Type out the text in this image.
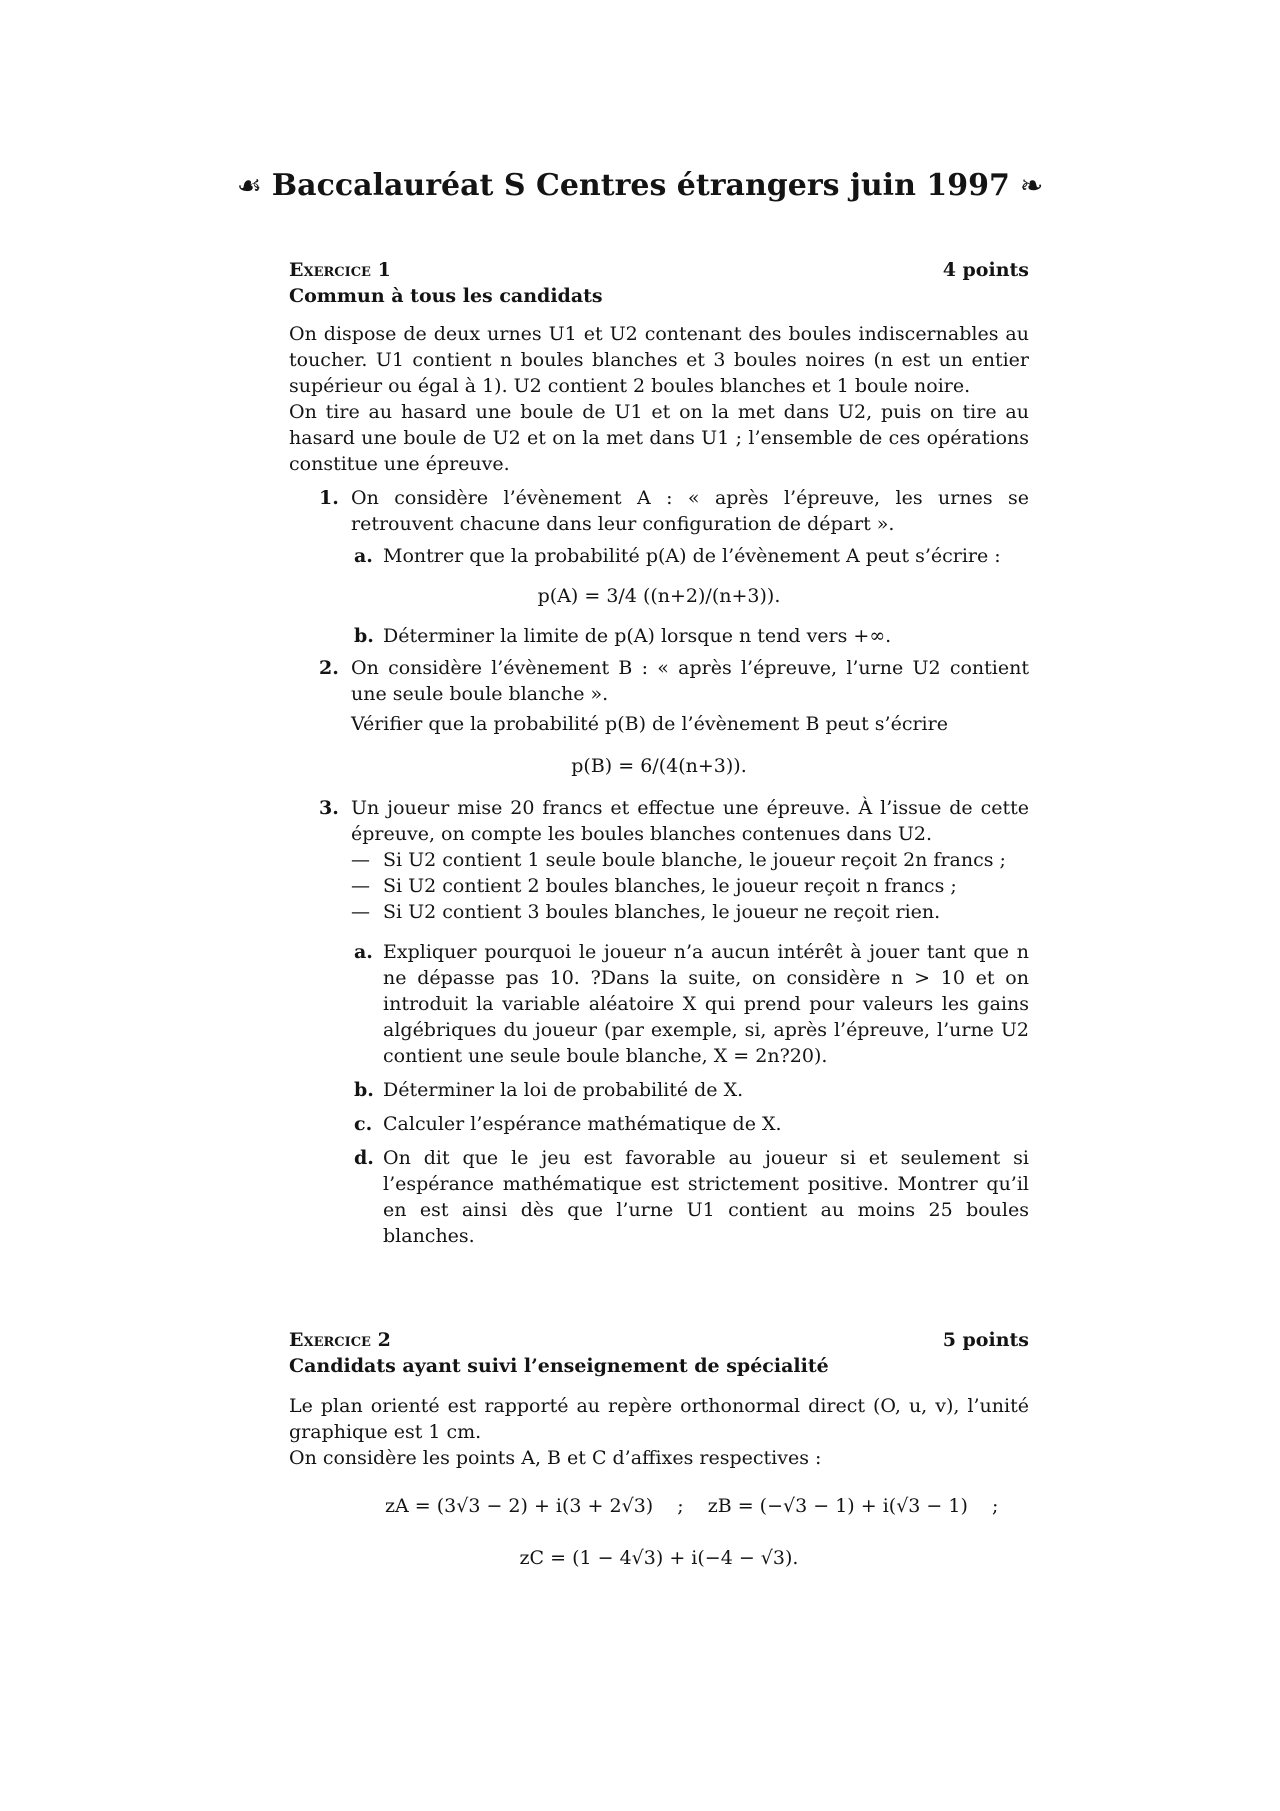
☙ Baccalauréat S Centres étrangers juin 1997 ❧
Exercice 1	4 points
Commun à tous les candidats
On dispose de deux urnes U1 et U2 contenant des boules indiscernables au toucher. U1 contient n boules blanches et 3 boules noires (n est un entier supérieur ou égal à 1). U2 contient 2 boules blanches et 1 boule noire.
On tire au hasard une boule de U1 et on la met dans U2, puis on tire au hasard une boule de U2 et on la met dans U1 ; l’ensemble de ces opérations constitue une épreuve.
1. On considère l’évènement A : « après l’épreuve, les urnes se retrouvent chacune dans leur configuration de départ ».
a. Montrer que la probabilité p(A) de l’évènement A peut s’écrire :
p(A) = 3/4 ((n+2)/(n+3)).
b. Déterminer la limite de p(A) lorsque n tend vers +∞.
2. On considère l’évènement B : « après l’épreuve, l’urne U2 contient une seule boule blanche ».
Vérifier que la probabilité p(B) de l’évènement B peut s’écrire
p(B) = 6/(4(n+3)).
3. Un joueur mise 20 francs et effectue une épreuve. À l’issue de cette épreuve, on compte les boules blanches contenues dans U2.
— Si U2 contient 1 seule boule blanche, le joueur reçoit 2n francs ;
— Si U2 contient 2 boules blanches, le joueur reçoit n francs ;
— Si U2 contient 3 boules blanches, le joueur ne reçoit rien.
a. Expliquer pourquoi le joueur n’a aucun intérêt à jouer tant que n ne dépasse pas 10. ?Dans la suite, on considère n > 10 et on introduit la variable aléatoire X qui prend pour valeurs les gains algébriques du joueur (par exemple, si, après l’épreuve, l’urne U2 contient une seule boule blanche, X = 2n?20).
b. Déterminer la loi de probabilité de X.
c. Calculer l’espérance mathématique de X.
d. On dit que le jeu est favorable au joueur si et seulement si l’espérance mathématique est strictement positive. Montrer qu’il en est ainsi dès que l’urne U1 contient au moins 25 boules blanches.
Exercice 2	5 points
Candidats ayant suivi l’enseignement de spécialité
Le plan orienté est rapporté au repère orthonormal direct (O, u, v), l’unité graphique est 1 cm.
On considère les points A, B et C d’affixes respectives :
zA = (3√3 − 2) + i(3 + 2√3) ; zB = (−√3 − 1) + i(√3 − 1) ;
zC = (1 − 4√3) + i(−4 − √3).
